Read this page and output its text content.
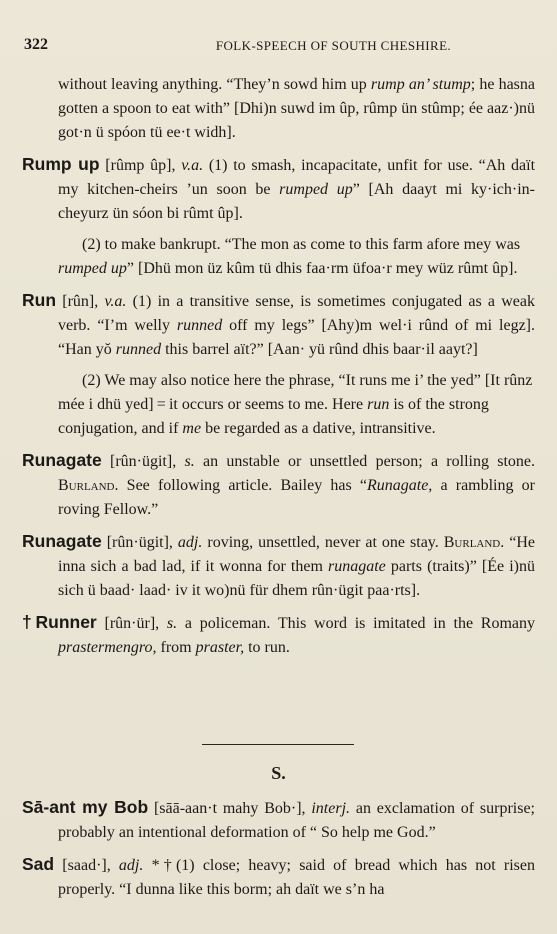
322	FOLK-SPEECH OF SOUTH CHESHIRE.

without leaving anything. “They’n sowd him up rump an’ stump; he hasna gotten a spoon to eat with” [Dhi)n suwd im ûp, rûmp ün stûmp; ée aaz·)nü got·n ü spóon tü ee·t widh].

Rump up [rûmp ûp], v.a. (1) to smash, incapacitate, unfit for use. “Ah daït my kitchen-cheirs ’un soon be rumped up” [Ah daayt mi ky·ich·in-cheyurz ün sóon bi rûmt ûp].

(2) to make bankrupt. “The mon as come to this farm afore mey was rumped up” [Dhü mon üz kûm tü dhis faa·rm üfoa·r mey wüz rûmt ûp].

Run [rûn], v.a. (1) in a transitive sense, is sometimes conjugated as a weak verb. “I’m welly runned off my legs” [Ahy)m wel·i rûnd of mi legz]. “Han yŏ runned this barrel aït?” [Aan· yü rûnd dhis baar·il aayt?]

(2) We may also notice here the phrase, “It runs me i’ the yed” [It rûnz mée i dhü yed] = it occurs or seems to me. Here run is of the strong conjugation, and if me be regarded as a dative, intransitive.

Runagate [rûn·ügit], s. an unstable or unsettled person; a rolling stone. Burland. See following article. Bailey has “Runagate, a rambling or roving Fellow.”

Runagate [rûn·ügit], adj. roving, unsettled, never at one stay. Burland. “He inna sich a bad lad, if it wonna for them runagate parts (traits)” [Ée i)nü sich ü baad· laad· iv it wo)nü für dhem rûn·ügit paa·rts].

†Runner [rûn·ür], s. a policeman. This word is imitated in the Romany prastermengro, from praster, to run.

S.

Sā-ant my Bob [sāā-aan·t mahy Bob·], interj. an exclamation of surprise; probably an intentional deformation of “ So help me God.”

Sad [saad·], adj. *†(1) close; heavy; said of bread which has not risen properly. “I dunna like this borm; ah daït we s’n ha
